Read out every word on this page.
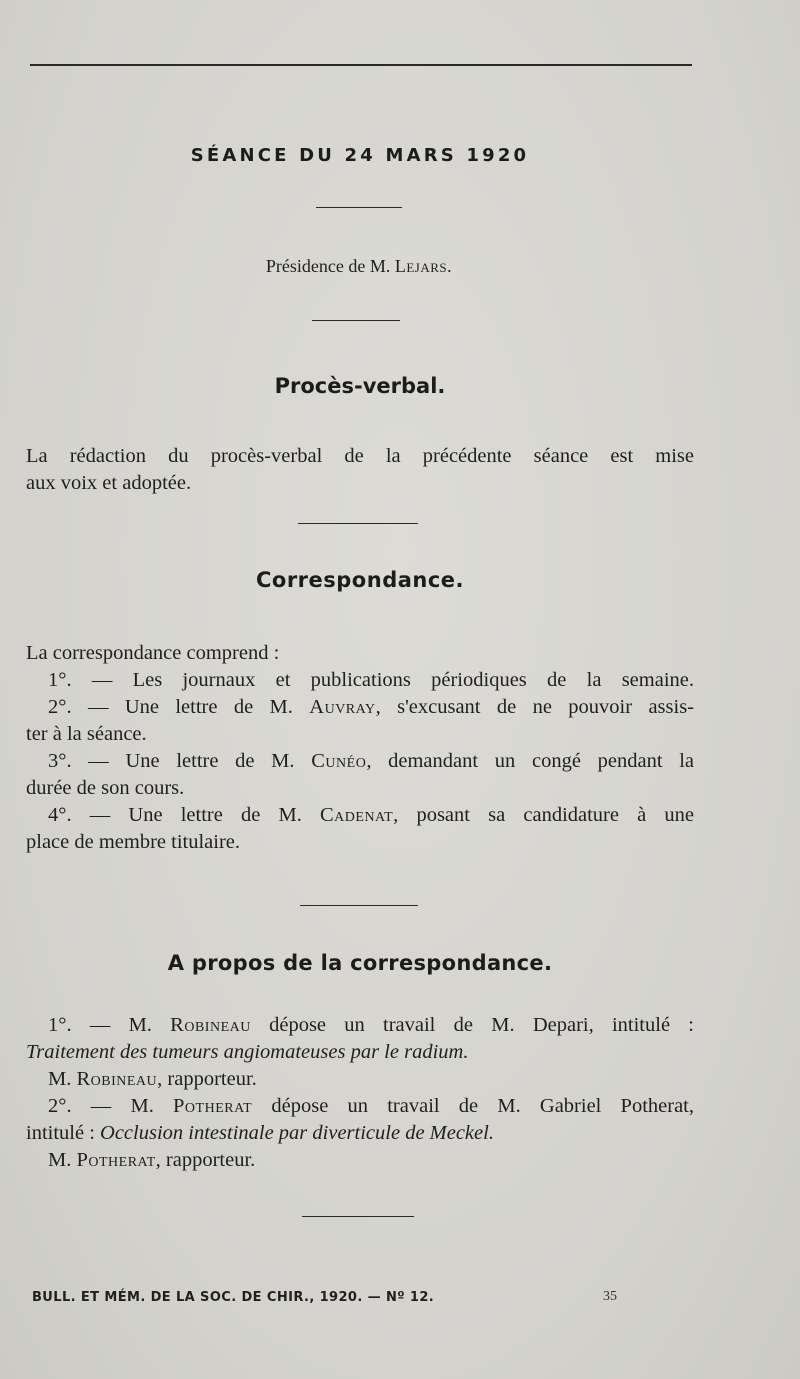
SÉANCE DU 24 MARS 1920
Présidence de M. Lejars.
Procès-verbal.
La rédaction du procès-verbal de la précédente séance est mise
aux voix et adoptée.
Correspondance.
La correspondance comprend :
1°. — Les journaux et publications périodiques de la semaine.
2°. — Une lettre de M. Auvray, s'excusant de ne pouvoir assis-
ter à la séance.
3°. — Une lettre de M. Cunéo, demandant un congé pendant la
durée de son cours.
4°. — Une lettre de M. Cadenat, posant sa candidature à une
place de membre titulaire.
A propos de la correspondance.
1°. — M. Robineau dépose un travail de M. Depari, intitulé :
Traitement des tumeurs angiomateuses par le radium.
M. Robineau, rapporteur.
2°. — M. Potherat dépose un travail de M. Gabriel Potherat,
intitulé : Occlusion intestinale par diverticule de Meckel.
M. Potherat, rapporteur.
BULL. ET MÉM. DE LA SOC. DE CHIR., 1920. — Nº 12.	35
